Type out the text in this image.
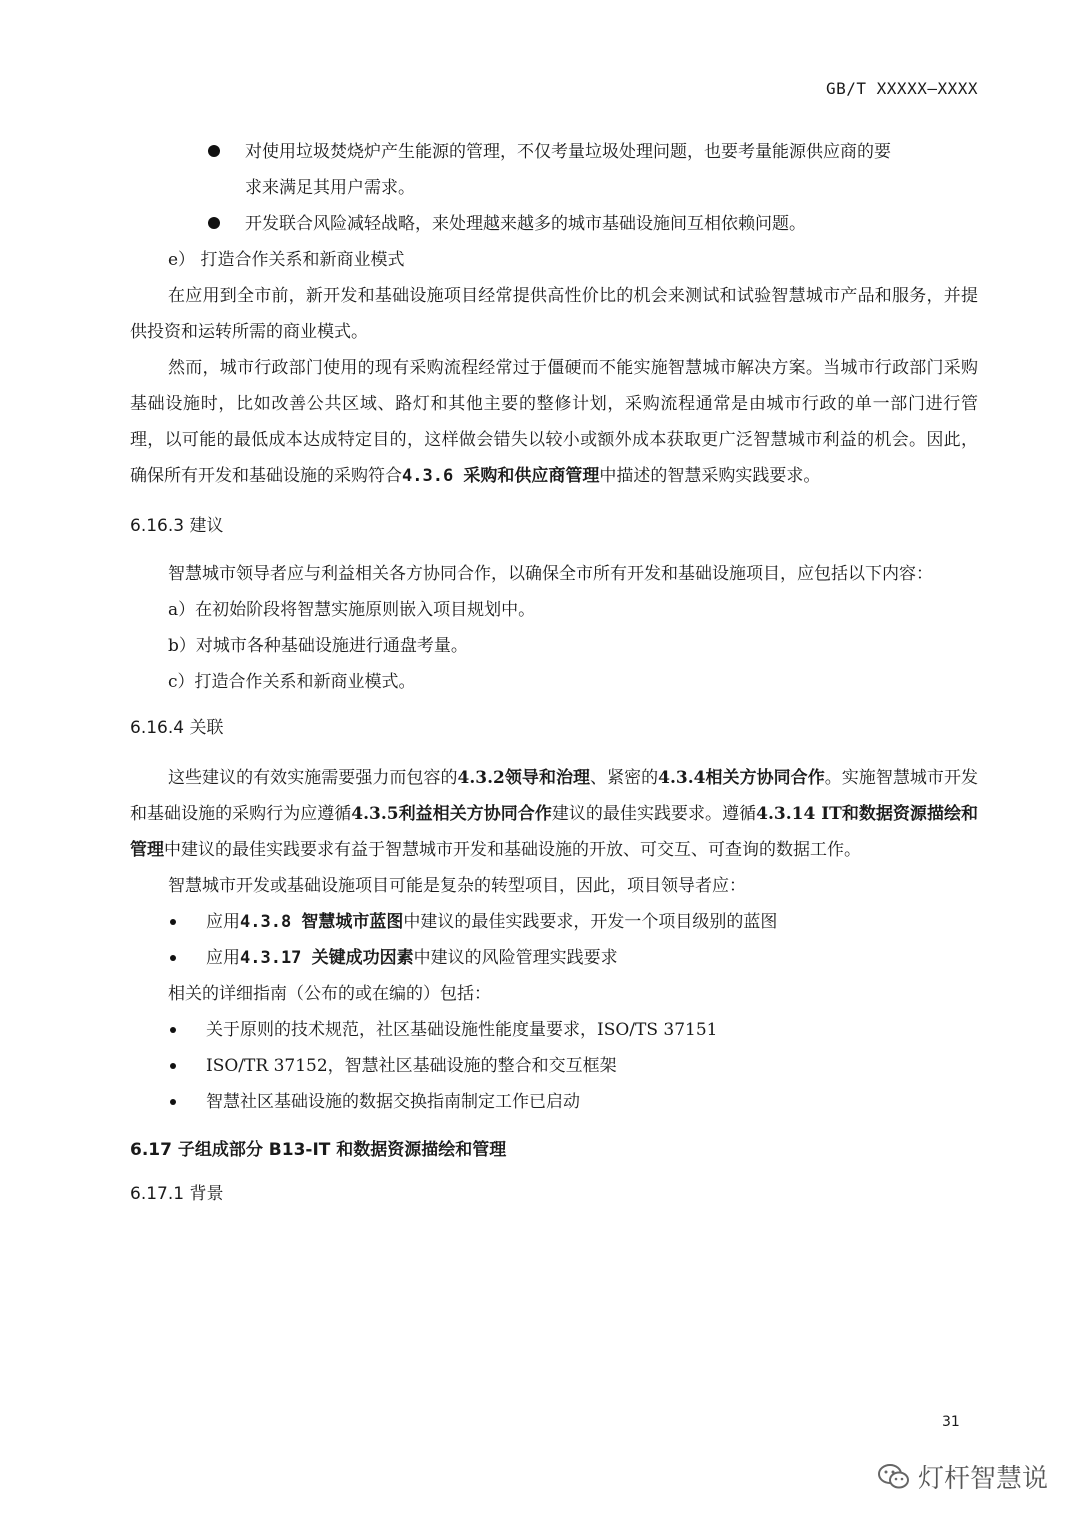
GB/T XXXXX—XXXX
对使用垃圾焚烧炉产生能源的管理，不仅考量垃圾处理问题，也要考量能源供应商的要
求来满足其用户需求。
开发联合风险减轻战略，来处理越来越多的城市基础设施间互相依赖问题。
e） 打造合作关系和新商业模式

在应用到全市前，新开发和基础设施项目经常提供高性价比的机会来测试和试验智慧城市产品和服务，并提供投资和运转所需的商业模式。

然而，城市行政部门使用的现有采购流程经常过于僵硬而不能实施智慧城市解决方案。当城市行政部门采购基础设施时，比如改善公共区域、路灯和其他主要的整修计划，采购流程通常是由城市行政的单一部门进行管理，以可能的最低成本达成特定目的，这样做会错失以较小或额外成本获取更广泛智慧城市利益的机会。因此，确保所有开发和基础设施的采购符合4.3.6 采购和供应商管理中描述的智慧采购实践要求。

6.16.3 建议

智慧城市领导者应与利益相关各方协同合作，以确保全市所有开发和基础设施项目，应包括以下内容：

a）在初始阶段将智慧实施原则嵌入项目规划中。
b）对城市各种基础设施进行通盘考量。
c）打造合作关系和新商业模式。
6.16.4 关联

这些建议的有效实施需要强力而包容的4.3.2领导和治理、紧密的4.3.4相关方协同合作。实施智慧城市开发和基础设施的采购行为应遵循4.3.5利益相关方协同合作建议的最佳实践要求。遵循4.3.14 IT和数据资源描绘和管理中建议的最佳实践要求有益于智慧城市开发和基础设施的开放、可交互、可查询的数据工作。

智慧城市开发或基础设施项目可能是复杂的转型项目，因此，项目领导者应：

应用4.3.8 智慧城市蓝图中建议的最佳实践要求，开发一个项目级别的蓝图
应用4.3.17 关键成功因素中建议的风险管理实践要求

相关的详细指南（公布的或在编的）包括：

关于原则的技术规范，社区基础设施性能度量要求，ISO/TS 37151
ISO/TR 37152，智慧社区基础设施的整合和交互框架
智慧社区基础设施的数据交换指南制定工作已启动
6.17 子组成部分 B13-IT 和数据资源描绘和管理
6.17.1 背景
31
灯杆智慧说
